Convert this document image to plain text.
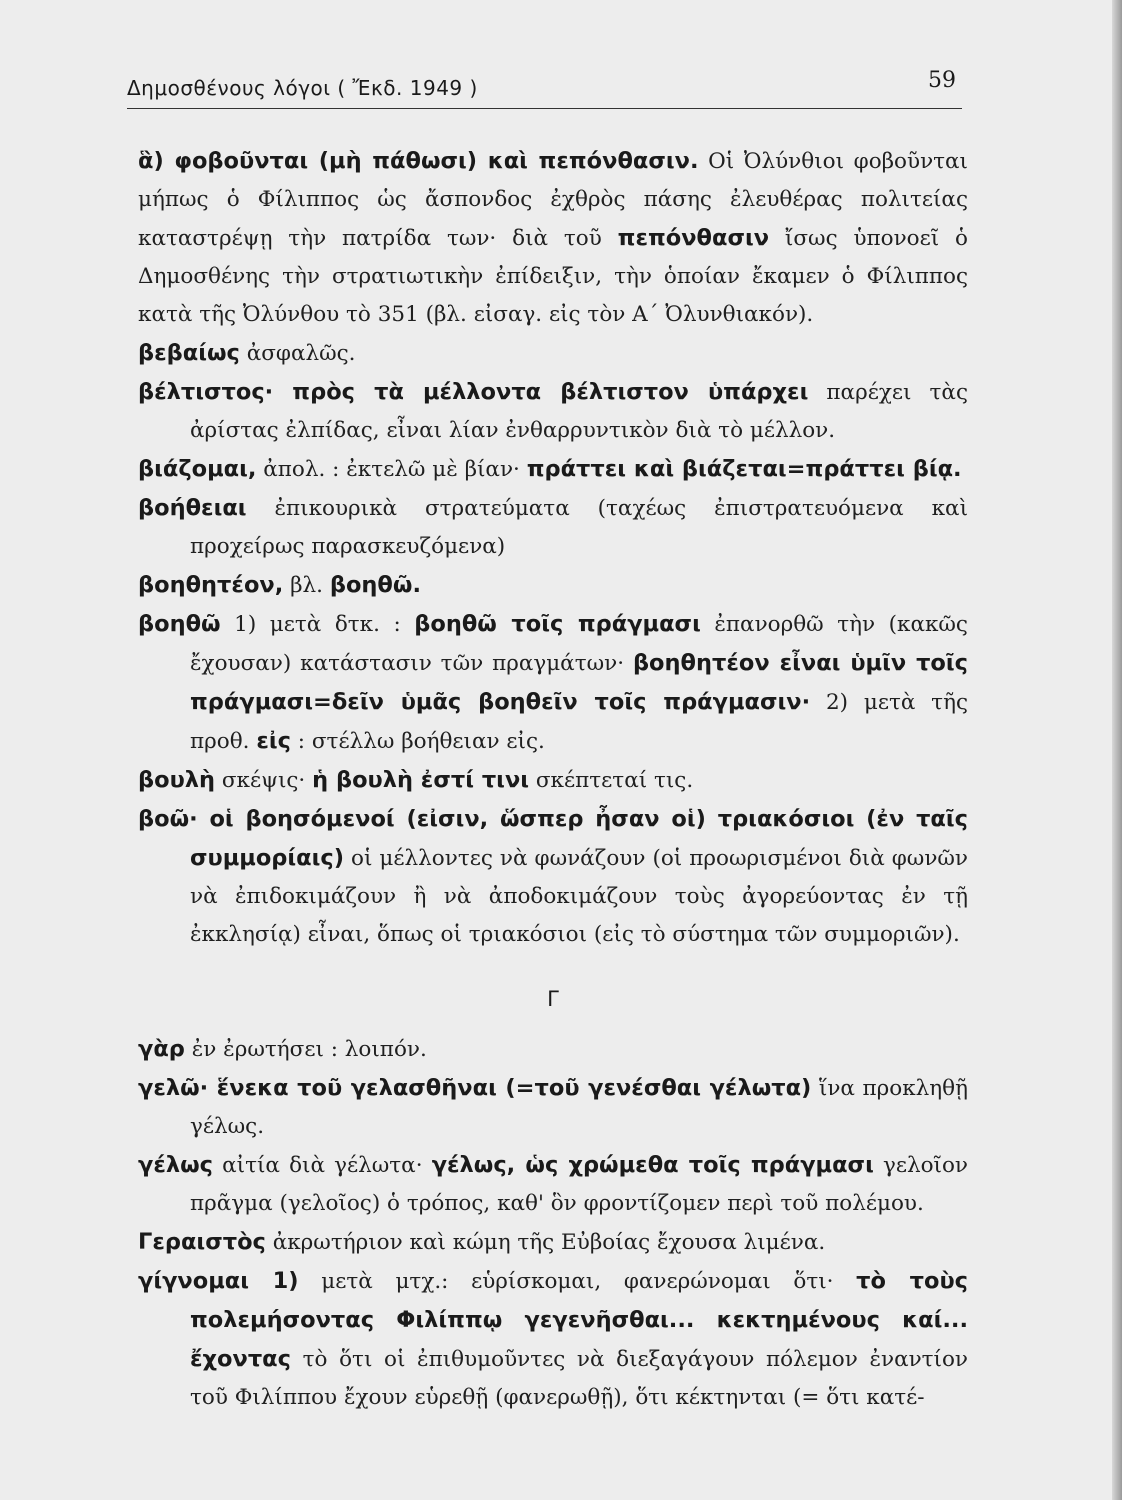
Δημοσθένους λόγοι ( Ἔκδ. 1949 )	59

ἃ) φοβοῦνται (μὴ πάθωσι) καὶ πεπόνθασιν. Οἱ Ὀλύνθιοι φοβοῦνται μήπως ὁ Φίλιππος ὡς ἄσπονδος ἐχθρὸς πάσης ἐλευθέρας πολιτείας καταστρέψῃ τὴν πατρίδα των· διὰ τοῦ πεπόνθασιν ἴσως ὑπονοεῖ ὁ Δημοσθένης τὴν στρατιωτικὴν ἐπίδειξιν, τὴν ὁποίαν ἔκαμεν ὁ Φίλιππος κατὰ τῆς Ὀλύνθου τὸ 351 (βλ. εἰσαγ. εἰς τὸν Α΄ Ὀλυνθιακόν).

βεβαίως ἀσφαλῶς.

βέλτιστος· πρὸς τὰ μέλλοντα βέλτιστον ὑπάρχει παρέχει τὰς ἀρίστας ἐλπίδας, εἶναι λίαν ἐνθαρρυντικὸν διὰ τὸ μέλλον.

βιάζομαι, ἀπολ. : ἐκτελῶ μὲ βίαν· πράττει καὶ βιάζεται=πράττει βίᾳ.

βοήθειαι ἐπικουρικὰ στρατεύματα (ταχέως ἐπιστρατευόμενα καὶ προχείρως παρασκευζόμενα)

βοηθητέον, βλ. βοηθῶ.

βοηθῶ 1) μετὰ δτκ. : βοηθῶ τοῖς πράγμασι ἐπανορθῶ τὴν (κακῶς ἔχουσαν) κατάστασιν τῶν πραγμάτων· βοηθητέον εἶναι ὑμῖν τοῖς πράγμασι=δεῖν ὑμᾶς βοηθεῖν τοῖς πράγμασιν· 2) μετὰ τῆς προθ. εἰς : στέλλω βοήθειαν εἰς.

βουλὴ σκέψις· ἡ βουλὴ ἐστί τινι σκέπτεταί τις.

βοῶ· οἱ βοησόμενοί (εἰσιν, ὥσπερ ἦσαν οἱ) τριακόσιοι (ἐν ταῖς συμμορίαις) οἱ μέλλοντες νὰ φωνάζουν (οἱ προωρισμένοι διὰ φωνῶν νὰ ἐπιδοκιμάζουν ἢ νὰ ἀποδοκιμάζουν τοὺς ἀγορεύοντας ἐν τῇ ἐκκλησίᾳ) εἶναι, ὅπως οἱ τριακόσιοι (εἰς τὸ σύστημα τῶν συμμοριῶν).

Γ

γὰρ ἐν ἐρωτήσει : λοιπόν.

γελῶ· ἕνεκα τοῦ γελασθῆναι (=τοῦ γενέσθαι γέλωτα) ἵνα προκληθῇ γέλως.

γέλως αἰτία διὰ γέλωτα· γέλως, ὡς χρώμεθα τοῖς πράγμασι γελοῖον πρᾶγμα (γελοῖος) ὁ τρόπος, καθ' ὃν φροντίζομεν περὶ τοῦ πολέμου.

Γεραιστὸς ἀκρωτήριον καὶ κώμη τῆς Εὐβοίας ἔχουσα λιμένα.

γίγνομαι 1) μετὰ μτχ.: εὑρίσκομαι, φανερώνομαι ὅτι· τὸ τοὺς πολεμήσοντας Φιλίππῳ γεγενῆσθαι... κεκτημένους καί... ἔχοντας τὸ ὅτι οἱ ἐπιθυμοῦντες νὰ διεξαγάγουν πόλεμον ἐναντίον τοῦ Φιλίππου ἔχουν εὑρεθῇ (φανερωθῇ), ὅτι κέκτηνται (= ὅτι κατέ-
